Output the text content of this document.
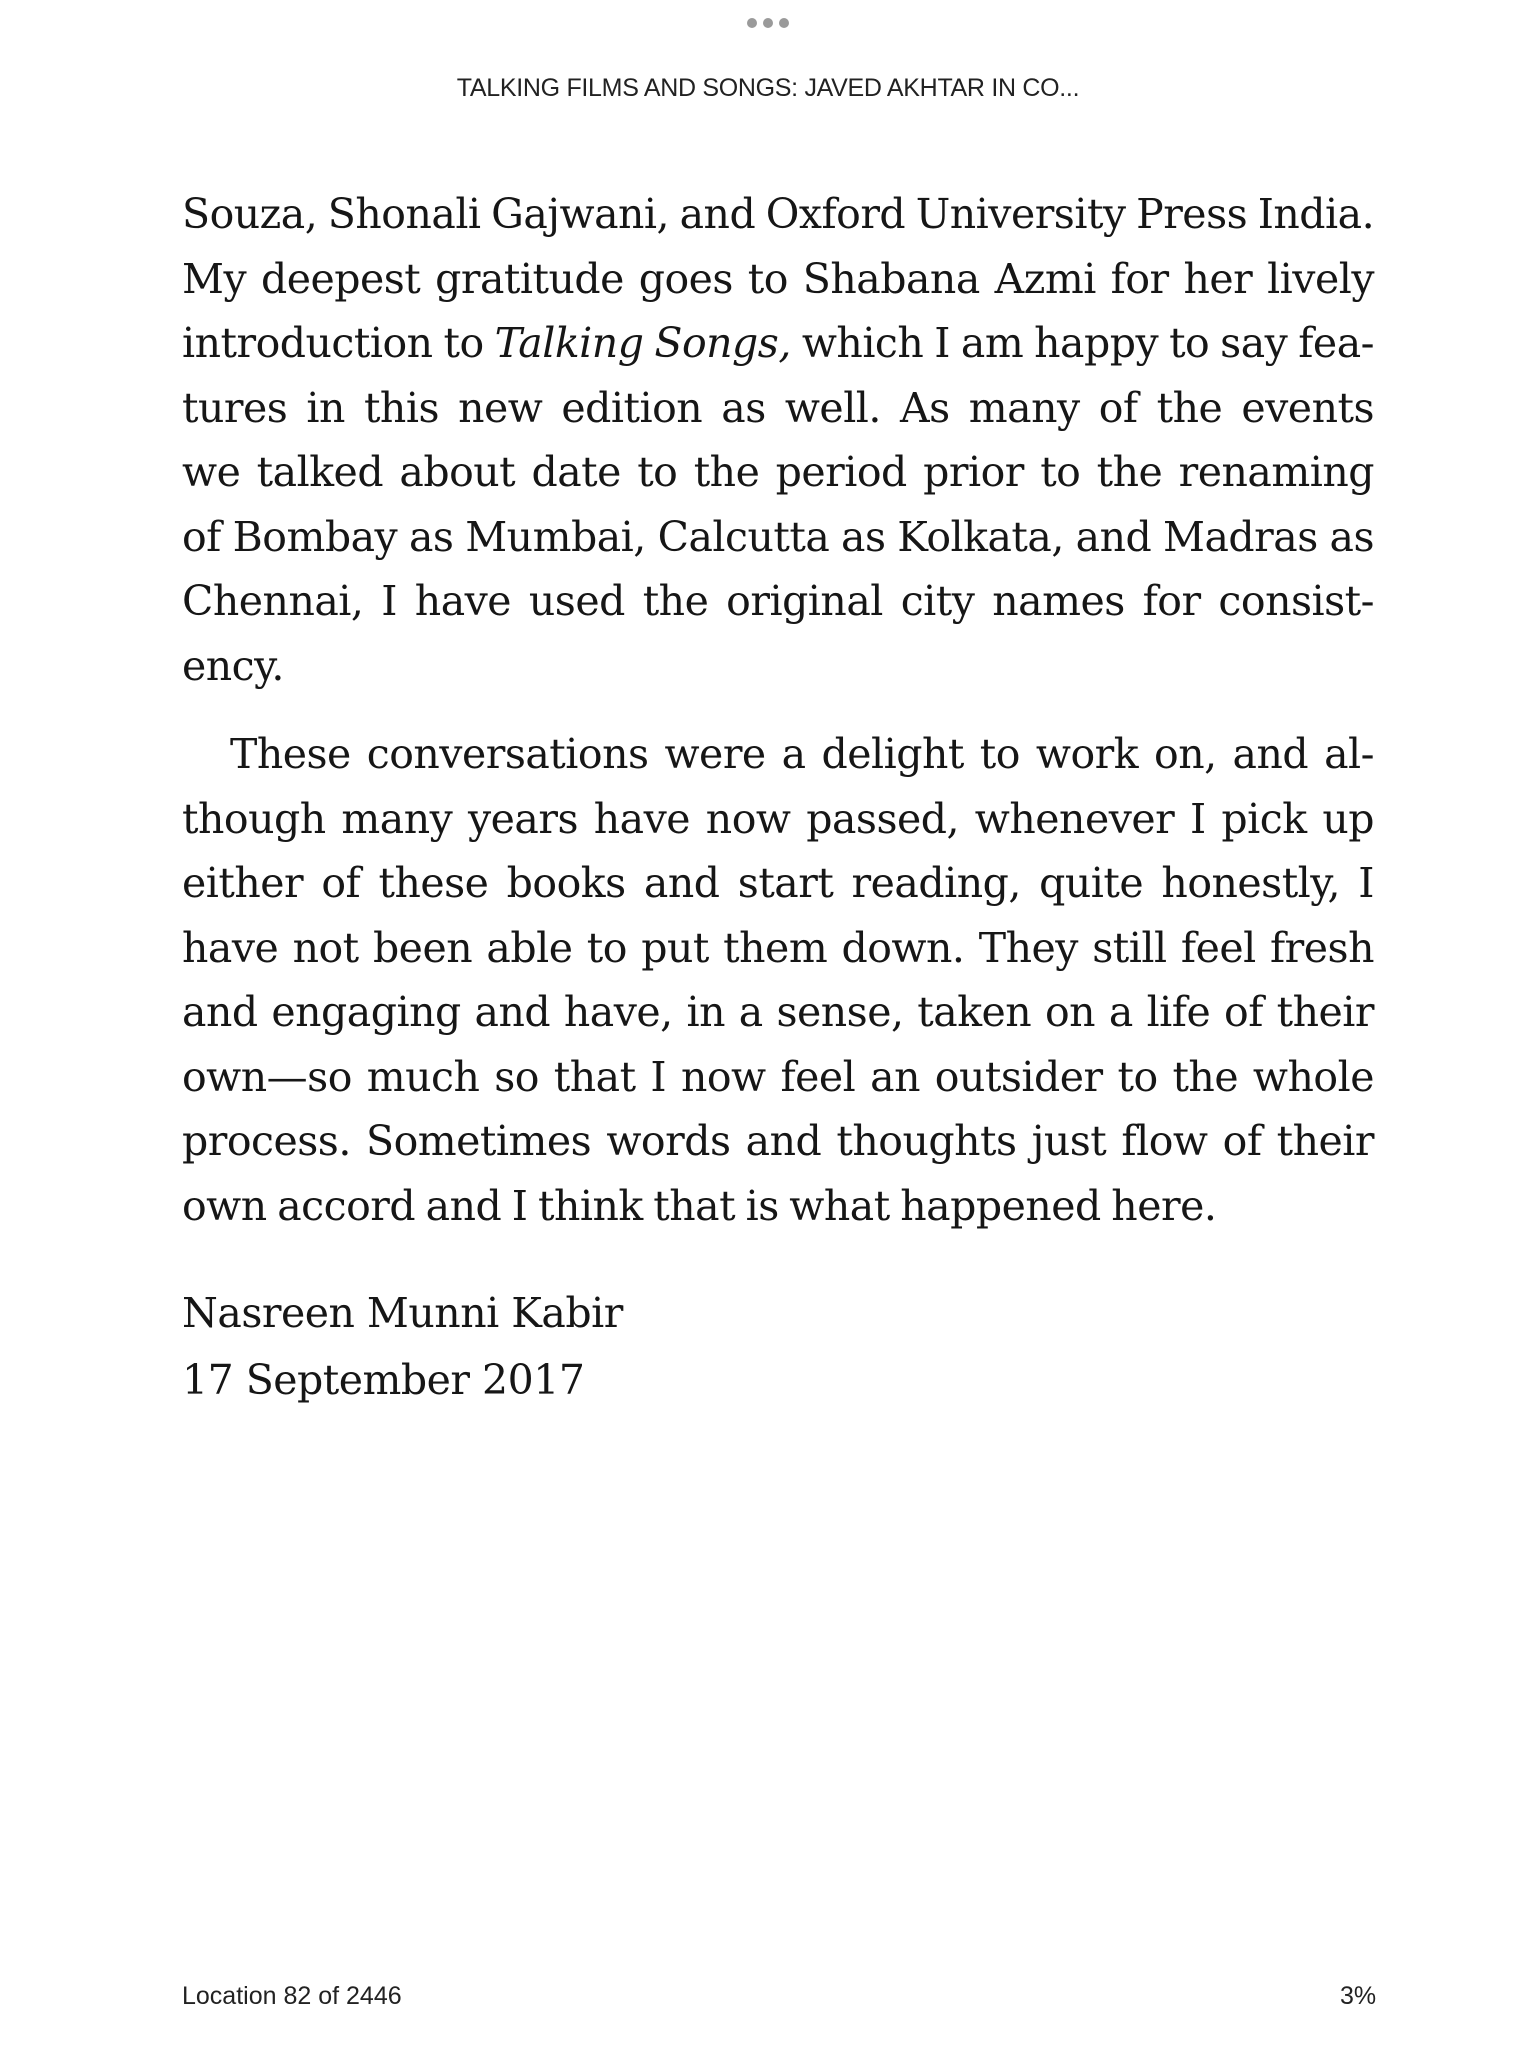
TALKING FILMS AND SONGS: JAVED AKHTAR IN CO...

Souza, Shonali Gajwani, and Oxford University Press India.
My deepest gratitude goes to Shabana Azmi for her lively
introduction to Talking Songs, which I am happy to say fea-
tures in this new edition as well. As many of the events
we talked about date to the period prior to the renaming
of Bombay as Mumbai, Calcutta as Kolkata, and Madras as
Chennai, I have used the original city names for consist-
ency.

These conversations were a delight to work on, and al-
though many years have now passed, whenever I pick up
either of these books and start reading, quite honestly, I
have not been able to put them down. They still feel fresh
and engaging and have, in a sense, taken on a life of their
own—so much so that I now feel an outsider to the whole
process. Sometimes words and thoughts just flow of their
own accord and I think that is what happened here.

Nasreen Munni Kabir
17 September 2017

Location 82 of 2446	3%
